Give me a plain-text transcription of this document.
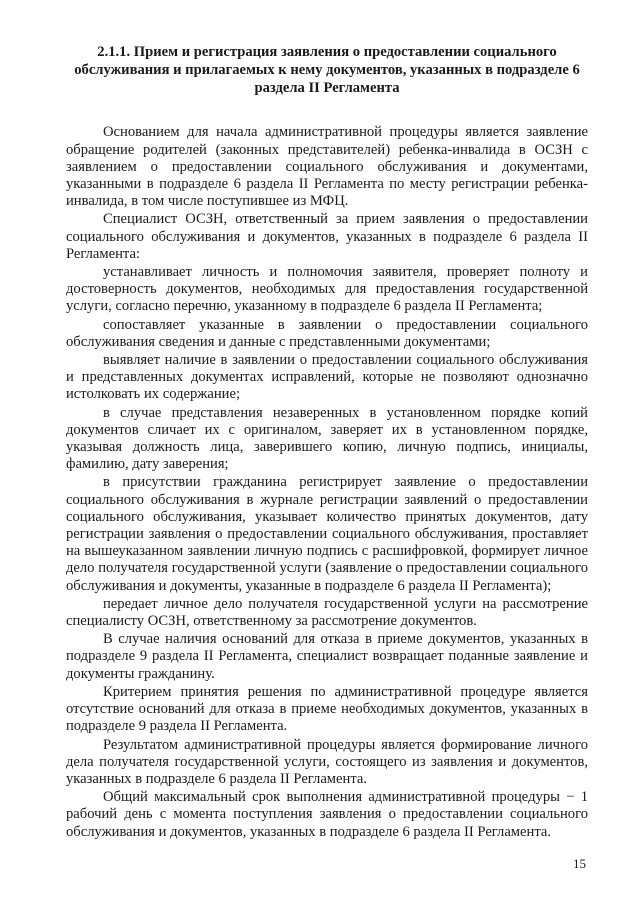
2.1.1. Прием и регистрация заявления о предоставлении социального обслуживания и прилагаемых к нему документов, указанных в подразделе 6 раздела II Регламента

Основанием для начала административной процедуры является заявление обращение родителей (законных представителей) ребенка-инвалида в ОСЗН с заявлением о предоставлении социального обслуживания и документами, указанными в подразделе 6 раздела II Регламента по месту регистрации ребенка-инвалида, в том числе поступившее из МФЦ.

Специалист ОСЗН, ответственный за прием заявления о предоставлении социального обслуживания и документов, указанных в подразделе 6 раздела II Регламента:

устанавливает личность и полномочия заявителя, проверяет полноту и достоверность документов, необходимых для предоставления государственной услуги, согласно перечню, указанному в подразделе 6 раздела II Регламента;

сопоставляет указанные в заявлении о предоставлении социального обслуживания сведения и данные с представленными документами;

выявляет наличие в заявлении о предоставлении социального обслуживания и представленных документах исправлений, которые не позволяют однозначно истолковать их содержание;

в случае представления незаверенных в установленном порядке копий документов сличает их с оригиналом, заверяет их в установленном порядке, указывая должность лица, заверившего копию, личную подпись, инициалы, фамилию, дату заверения;

в присутствии гражданина регистрирует заявление о предоставлении социального обслуживания в журнале регистрации заявлений о предоставлении социального обслуживания, указывает количество принятых документов, дату регистрации заявления о предоставлении социального обслуживания, проставляет на вышеуказанном заявлении личную подпись с расшифровкой, формирует личное дело получателя государственной услуги (заявление о предоставлении социального обслуживания и документы, указанные в подразделе 6 раздела II Регламента);

передает личное дело получателя государственной услуги на рассмотрение специалисту ОСЗН, ответственному за рассмотрение документов.

В случае наличия оснований для отказа в приеме документов, указанных в подразделе 9 раздела II Регламента, специалист возвращает поданные заявление и документы гражданину.

Критерием принятия решения по административной процедуре является отсутствие оснований для отказа в приеме необходимых документов, указанных в подразделе 9 раздела II Регламента.

Результатом административной процедуры является формирование личного дела получателя государственной услуги, состоящего из заявления и документов, указанных в подразделе 6 раздела II Регламента.

Общий максимальный срок выполнения административной процедуры − 1 рабочий день с момента поступления заявления о предоставлении социального обслуживания и документов, указанных в подразделе 6 раздела II Регламента.

15
